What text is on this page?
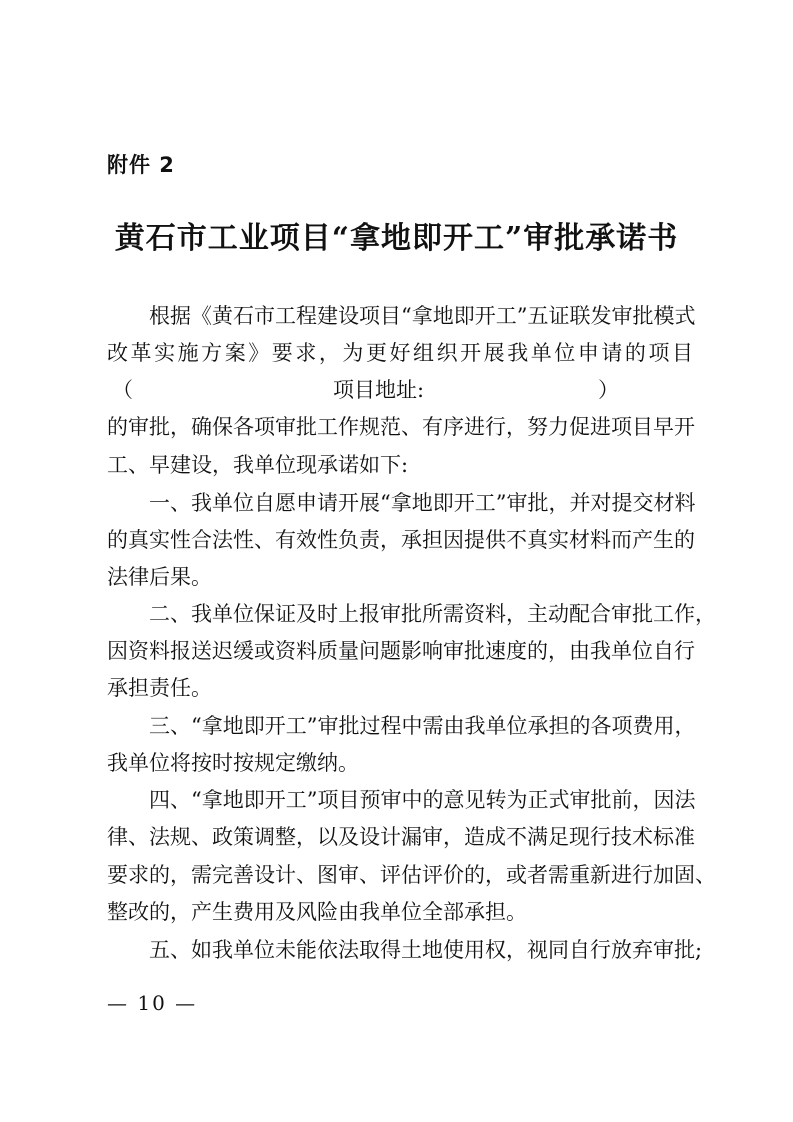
附件 2
黄石市工业项目“拿地即开工”审批承诺书
根据《黄石市工程建设项目“拿地即开工”五证联发审批模式
改革实施方案》要求，为更好组织开展我单位申请的项目
（	项目地址:	）
的审批，确保各项审批工作规范、有序进行，努力促进项目早开
工、早建设，我单位现承诺如下:
一、我单位自愿申请开展“拿地即开工”审批，并对提交材料
的真实性合法性、有效性负责，承担因提供不真实材料而产生的
法律后果。
二、我单位保证及时上报审批所需资料，主动配合审批工作，
因资料报送迟缓或资料质量问题影响审批速度的，由我单位自行
承担责任。
三、“拿地即开工”审批过程中需由我单位承担的各项费用，
我单位将按时按规定缴纳。
四、“拿地即开工”项目预审中的意见转为正式审批前，因法
律、法规、政策调整，以及设计漏审，造成不满足现行技术标准
要求的，需完善设计、图审、评估评价的，或者需重新进行加固、
整改的，产生费用及风险由我单位全部承担。
五、如我单位未能依法取得土地使用权，视同自行放弃审批;
— 10 —
